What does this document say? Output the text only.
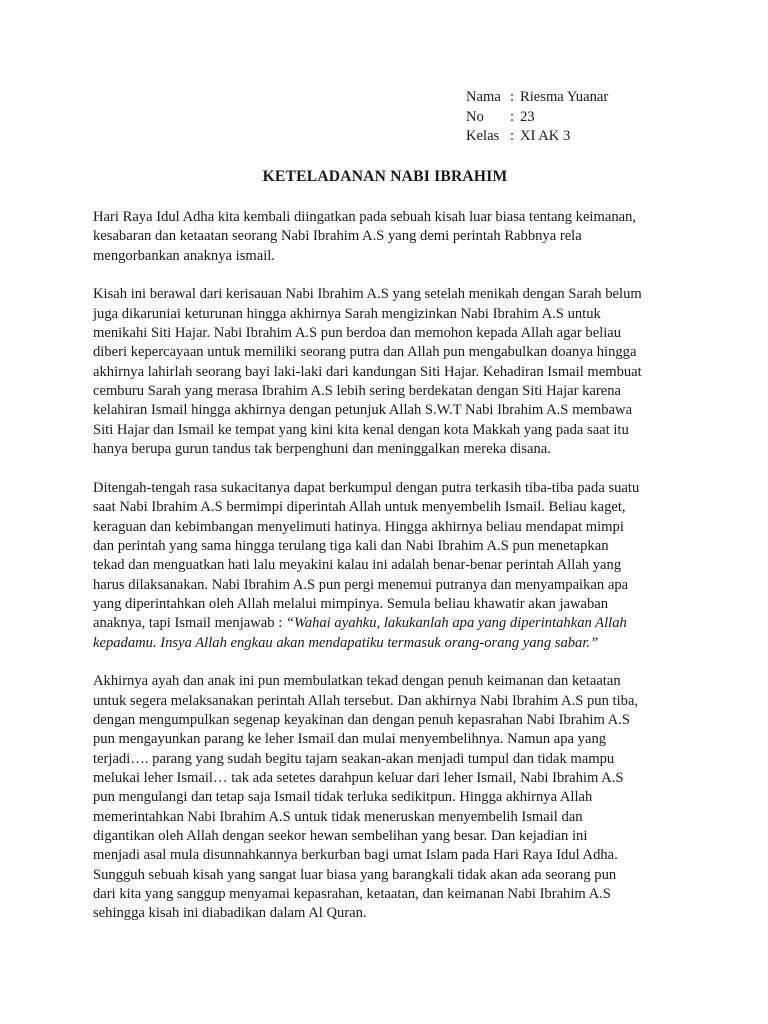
Nama : Riesma Yuanar
No	: 23
Kelas : XI AK 3
KETELADANAN NABI IBRAHIM

Hari Raya Idul Adha kita kembali diingatkan pada sebuah kisah luar biasa tentang keimanan,
kesabaran dan ketaatan seorang Nabi Ibrahim A.S yang demi perintah Rabbnya rela
mengorbankan anaknya ismail.

Kisah ini berawal dari kerisauan Nabi Ibrahim A.S yang setelah menikah dengan Sarah belum
juga dikaruniai keturunan hingga akhirnya Sarah mengizinkan Nabi Ibrahim A.S untuk
menikahi Siti Hajar. Nabi Ibrahim A.S pun berdoa dan memohon kepada Allah agar beliau
diberi kepercayaan untuk memiliki seorang putra dan Allah pun mengabulkan doanya hingga
akhirnya lahirlah seorang bayi laki-laki dari kandungan Siti Hajar. Kehadiran Ismail membuat
cemburu Sarah yang merasa Ibrahim A.S lebih sering berdekatan dengan Siti Hajar karena
kelahiran Ismail hingga akhirnya dengan petunjuk Allah S.W.T Nabi Ibrahim A.S membawa
Siti Hajar dan Ismail ke tempat yang kini kita kenal dengan kota Makkah yang pada saat itu
hanya berupa gurun tandus tak berpenghuni dan meninggalkan mereka disana.

Ditengah-tengah rasa sukacitanya dapat berkumpul dengan putra terkasih tiba-tiba pada suatu
saat Nabi Ibrahim A.S bermimpi diperintah Allah untuk menyembelih Ismail. Beliau kaget,
keraguan dan kebimbangan menyelimuti hatinya. Hingga akhirnya beliau mendapat mimpi
dan perintah yang sama hingga terulang tiga kali dan Nabi Ibrahim A.S pun menetapkan
tekad dan menguatkan hati lalu meyakini kalau ini adalah benar-benar perintah Allah yang
harus dilaksanakan. Nabi Ibrahim A.S pun pergi menemui putranya dan menyampaikan apa
yang diperintahkan oleh Allah melalui mimpinya. Semula beliau khawatir akan jawaban
anaknya, tapi Ismail menjawab : “Wahai ayahku, lakukanlah apa yang diperintahkan Allah
kepadamu. Insya Allah engkau akan mendapatiku termasuk orang-orang yang sabar.”

Akhirnya ayah dan anak ini pun membulatkan tekad dengan penuh keimanan dan ketaatan
untuk segera melaksanakan perintah Allah tersebut. Dan akhirnya Nabi Ibrahim A.S pun tiba,
dengan mengumpulkan segenap keyakinan dan dengan penuh kepasrahan Nabi Ibrahim A.S
pun mengayunkan parang ke leher Ismail dan mulai menyembelihnya. Namun apa yang
terjadi…. parang yang sudah begitu tajam seakan-akan menjadi tumpul dan tidak mampu
melukai leher Ismail… tak ada setetes darahpun keluar dari leher Ismail, Nabi Ibrahim A.S
pun mengulangi dan tetap saja Ismail tidak terluka sedikitpun. Hingga akhirnya Allah
memerintahkan Nabi Ibrahim A.S untuk tidak meneruskan menyembelih Ismail dan
digantikan oleh Allah dengan seekor hewan sembelihan yang besar. Dan kejadian ini
menjadi asal mula disunnahkannya berkurban bagi umat Islam pada Hari Raya Idul Adha.
Sungguh sebuah kisah yang sangat luar biasa yang barangkali tidak akan ada seorang pun
dari kita yang sanggup menyamai kepasrahan, ketaatan, dan keimanan Nabi Ibrahim A.S
sehingga kisah ini diabadikan dalam Al Quran.
